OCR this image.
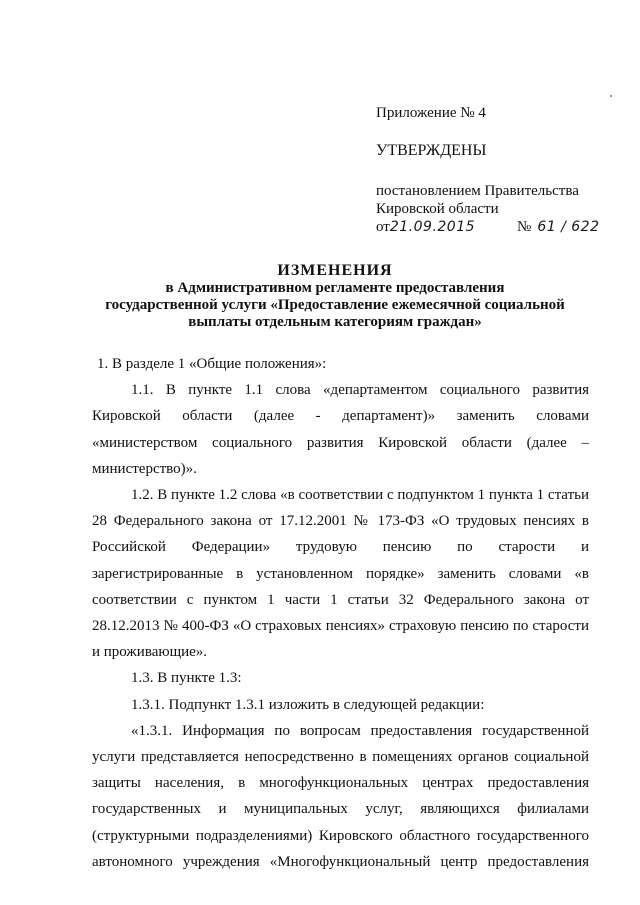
Приложение № 4

УТВЕРЖДЕНЫ

постановлением Правительства

Кировской области

от 21.09.2015	№ 61 / 622
ИЗМЕНЕНИЯ
в Административном регламенте предоставления
государственной услуги «Предоставление ежемесячной социальной
выплаты отдельным категориям граждан»

1. В разделе 1 «Общие положения»:

1.1. В пункте 1.1 слова «департаментом социального развития Кировской области (далее - департамент)» заменить словами «министерством социального развития Кировской области (далее – министерство)».

1.2. В пункте 1.2 слова «в соответствии с подпунктом 1 пункта 1 статьи 28 Федерального закона от 17.12.2001 № 173-ФЗ «О трудовых пенсиях в Российской Федерации» трудовую пенсию по старости и зарегистрированные в установленном порядке» заменить словами «в соответствии с пунктом 1 части 1 статьи 32 Федерального закона от 28.12.2013 № 400-ФЗ «О страховых пенсиях» страховую пенсию по старости и проживающие».

1.3. В пункте 1.3:

1.3.1. Подпункт 1.3.1 изложить в следующей редакции:

«1.3.1. Информация по вопросам предоставления государственной услуги представляется непосредственно в помещениях органов социальной защиты населения, в многофункциональных центрах предоставления государственных и муниципальных услуг, являющихся филиалами (структурными подразделениями) Кировского областного государственного автономного учреждения «Многофункциональный центр предоставления
